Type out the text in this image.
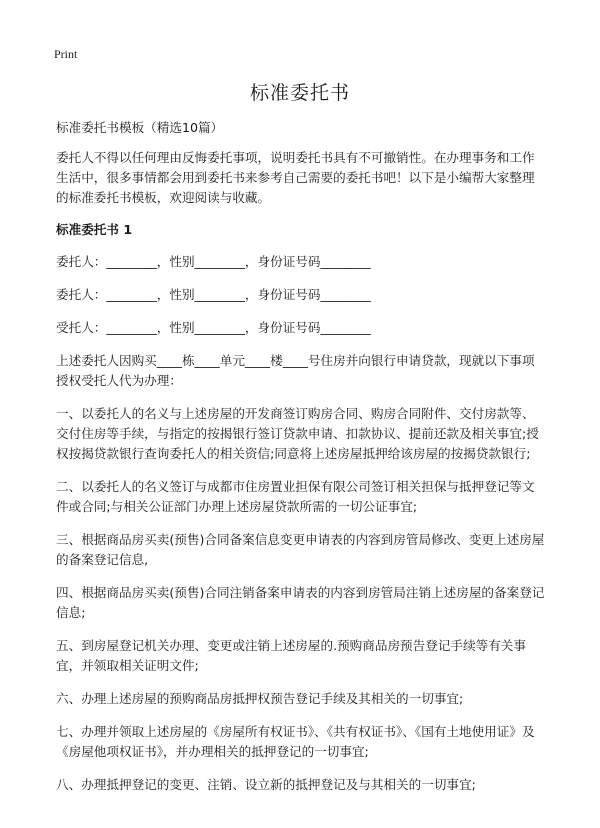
Print
标准委托书

标准委托书模板（精选10篇）

委托人不得以任何理由反悔委托事项，说明委托书具有不可撤销性。在办理事务和工作生活中，很多事情都会用到委托书来参考自己需要的委托书吧！以下是小编帮大家整理的标准委托书模板，欢迎阅读与收藏。

标准委托书 1

委托人：________，性别________，身份证号码________

委托人：________，性别________，身份证号码________

受托人：________，性别________，身份证号码________

上述委托人因购买____栋____单元____楼____号住房并向银行申请贷款，现就以下事项授权受托人代为办理：

一、以委托人的名义与上述房屋的开发商签订购房合同、购房合同附件、交付房款等、交付住房等手续，与指定的按揭银行签订贷款申请、扣款协议、提前还款及相关事宜;授权按揭贷款银行查询委托人的相关资信;同意将上述房屋抵押给该房屋的按揭贷款银行;

二、以委托人的名义签订与成都市住房置业担保有限公司签订相关担保与抵押登记等文件或合同;与相关公证部门办理上述房屋贷款所需的一切公证事宜;

三、根据商品房买卖(预售)合同备案信息变更申请表的内容到房管局修改、变更上述房屋的备案登记信息,

四、根据商品房买卖(预售)合同注销备案申请表的内容到房管局注销上述房屋的备案登记信息;

五、到房屋登记机关办理、变更或注销上述房屋的.预购商品房预告登记手续等有关事宜，并领取相关证明文件;

六、办理上述房屋的预购商品房抵押权预告登记手续及其相关的一切事宜;

七、办理并领取上述房屋的《房屋所有权证书》、《共有权证书》、《国有土地使用证》及《房屋他项权证书》，并办理相关的抵押登记的一切事宜;

八、办理抵押登记的变更、注销、设立新的抵押登记及与其相关的一切事宜;
